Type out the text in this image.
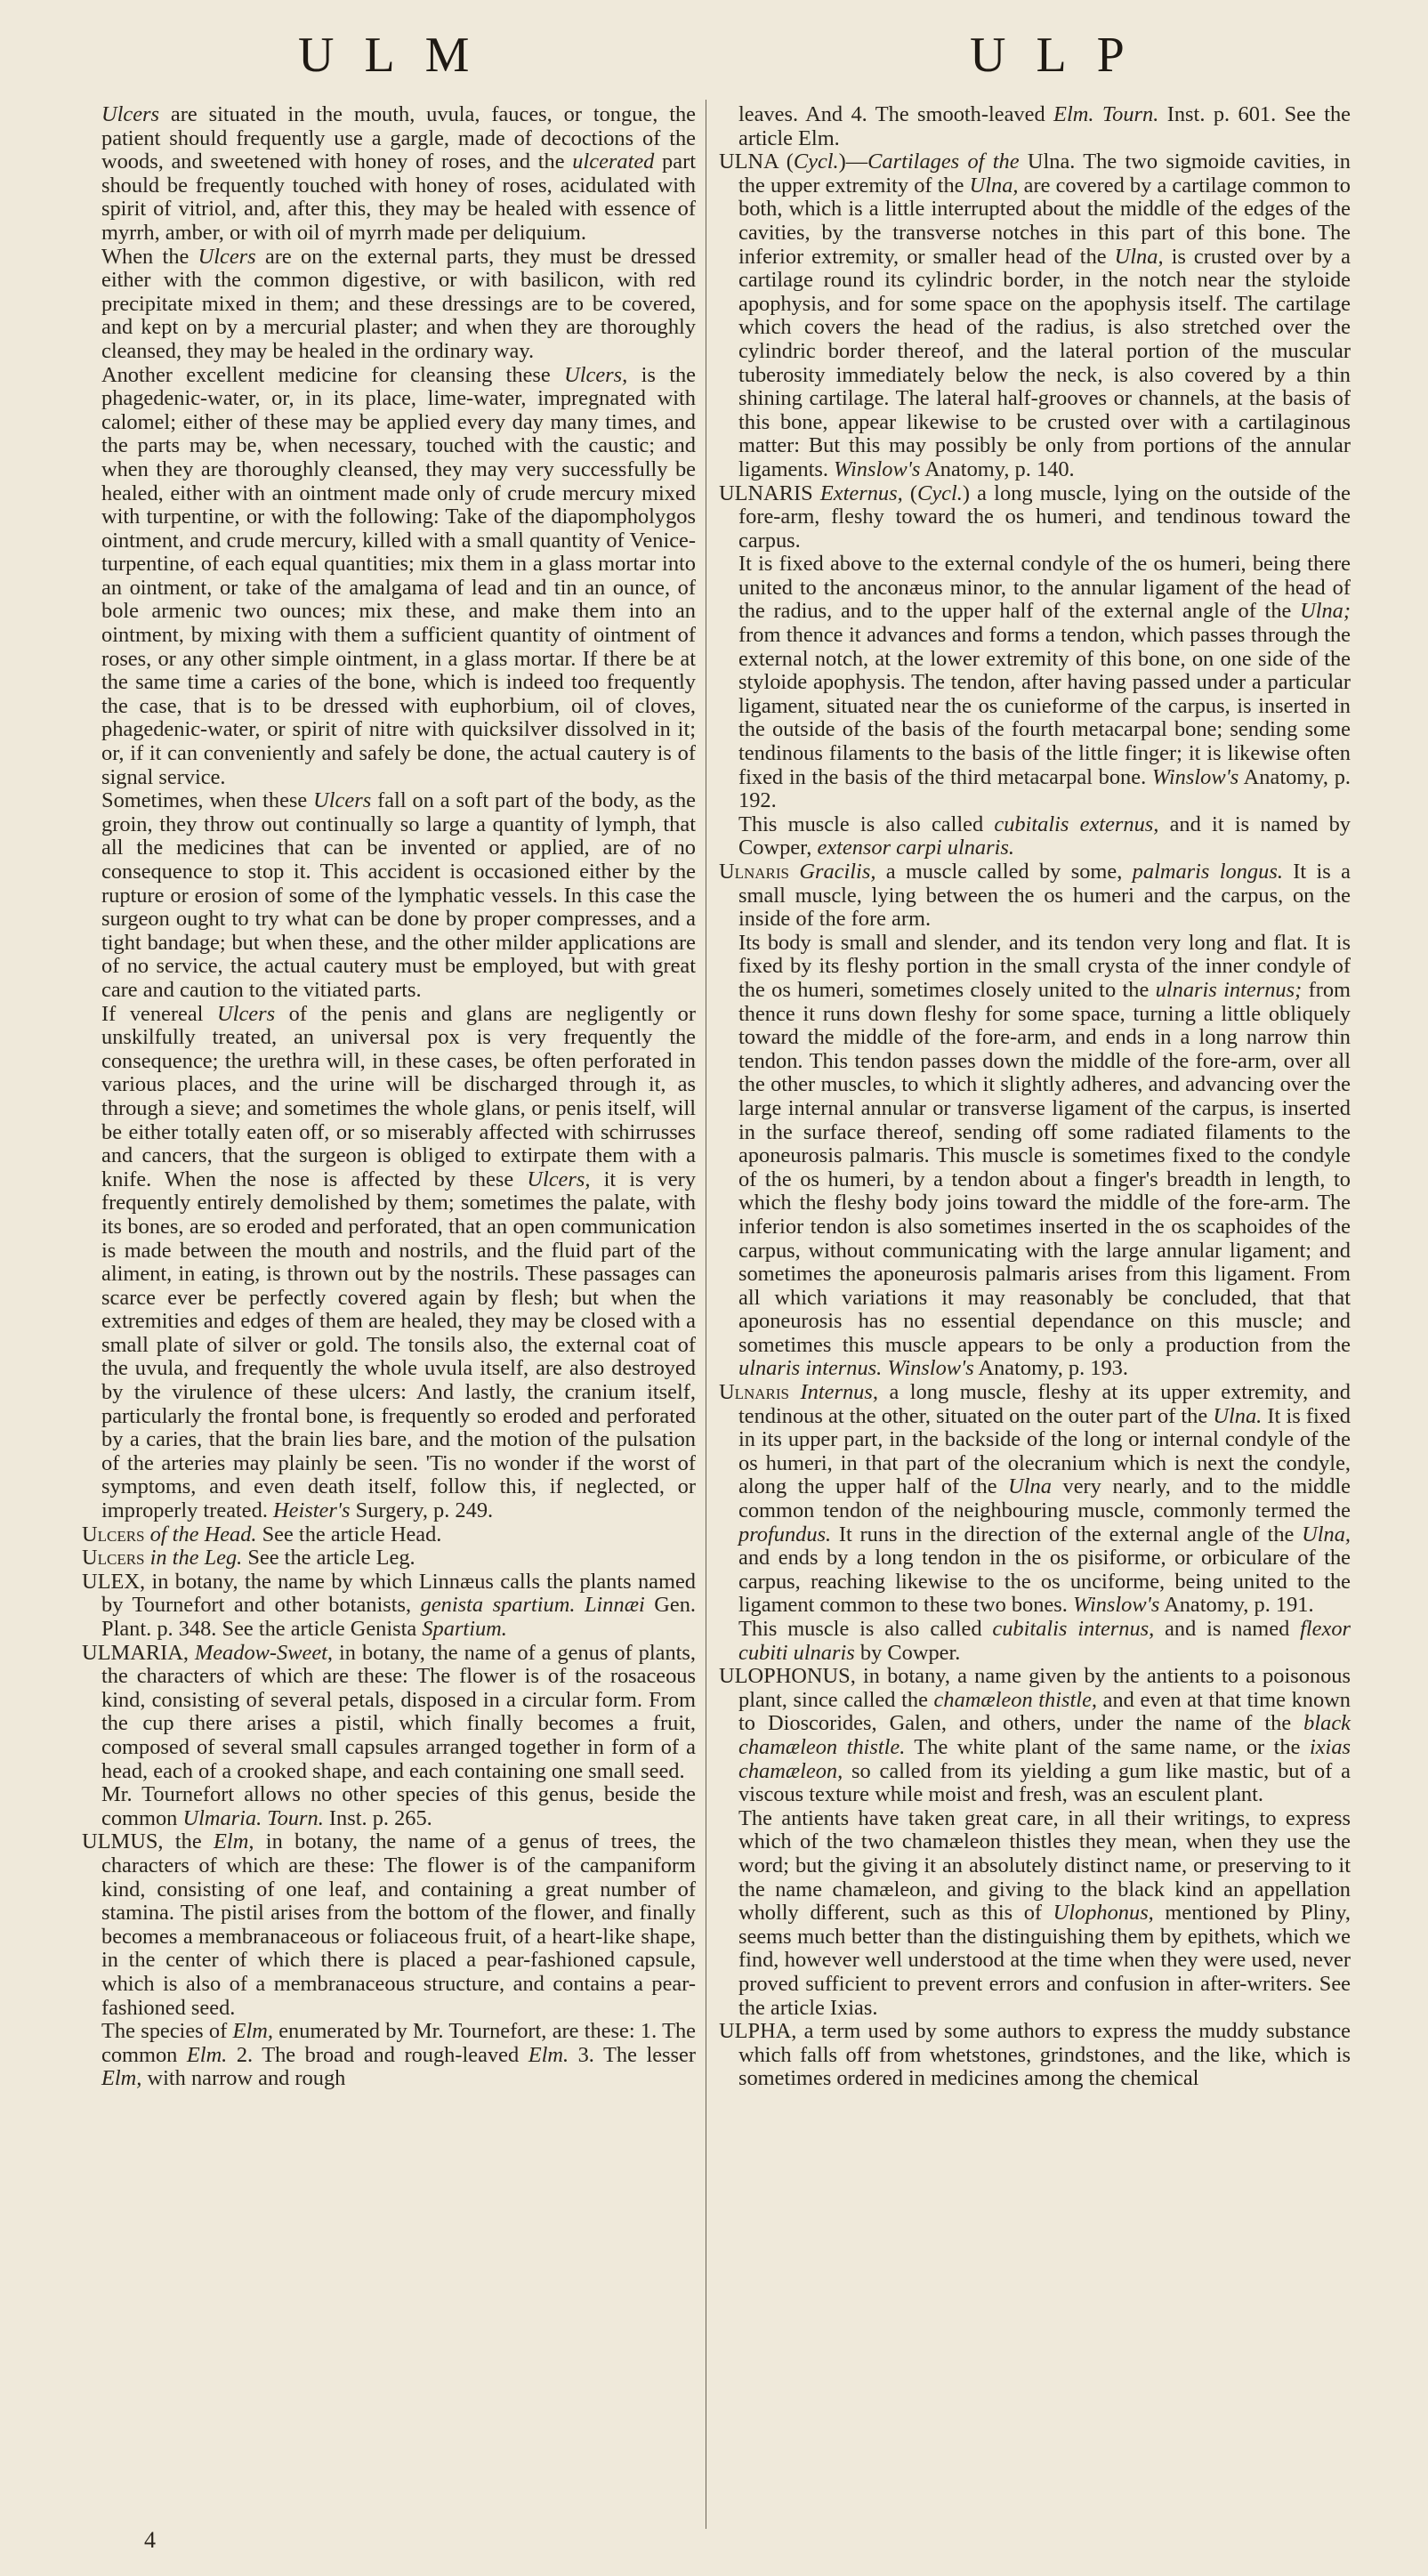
ULM	ULP

Ulcers are situated in the mouth, uvula, fauces, or tongue, the patient should frequently use a gargle, made of decoctions of the woods, and sweetened with honey of roses, and the ulcerated part should be frequently touched with honey of roses, acidulated with spirit of vitriol, and, after this, they may be healed with essence of myrrh, amber, or with oil of myrrh made per deliquium.

When the Ulcers are on the external parts, they must be dressed either with the common digestive, or with basilicon, with red precipitate mixed in them; and these dressings are to be covered, and kept on by a mercurial plaster; and when they are thoroughly cleansed, they may be healed in the ordinary way.

Another excellent medicine for cleansing these Ulcers, is the phagedenic-water, or, in its place, lime-water, impregnated with calomel; either of these may be applied every day many times, and the parts may be, when necessary, touched with the caustic; and when they are thoroughly cleansed, they may very successfully be healed, either with an ointment made only of crude mercury mixed with turpentine, or with the following: Take of the diapompholygos ointment, and crude mercury, killed with a small quantity of Venice-turpentine, of each equal quantities; mix them in a glass mortar into an ointment, or take of the amalgama of lead and tin an ounce, of bole armenic two ounces; mix these, and make them into an ointment, by mixing with them a sufficient quantity of ointment of roses, or any other simple ointment, in a glass mortar. If there be at the same time a caries of the bone, which is indeed too frequently the case, that is to be dressed with euphorbium, oil of cloves, phagedenic-water, or spirit of nitre with quicksilver dissolved in it; or, if it can conveniently and safely be done, the actual cautery is of signal service.

Sometimes, when these Ulcers fall on a soft part of the body, as the groin, they throw out continually so large a quantity of lymph, that all the medicines that can be invented or applied, are of no consequence to stop it. This accident is occasioned either by the rupture or erosion of some of the lymphatic vessels. In this case the surgeon ought to try what can be done by proper compresses, and a tight bandage; but when these, and the other milder applications are of no service, the actual cautery must be employed, but with great care and caution to the vitiated parts.

If venereal Ulcers of the penis and glans are negligently or unskilfully treated, an universal pox is very frequently the consequence; the urethra will, in these cases, be often perforated in various places, and the urine will be discharged through it, as through a sieve; and sometimes the whole glans, or penis itself, will be either totally eaten off, or so miserably affected with schirrusses and cancers, that the surgeon is obliged to extirpate them with a knife. When the nose is affected by these Ulcers, it is very frequently entirely demolished by them; sometimes the palate, with its bones, are so eroded and perforated, that an open communication is made between the mouth and nostrils, and the fluid part of the aliment, in eating, is thrown out by the nostrils. These passages can scarce ever be perfectly covered again by flesh; but when the extremities and edges of them are healed, they may be closed with a small plate of silver or gold. The tonsils also, the external coat of the uvula, and frequently the whole uvula itself, are also destroyed by the virulence of these ulcers: And lastly, the cranium itself, particularly the frontal bone, is frequently so eroded and perforated by a caries, that the brain lies bare, and the motion of the pulsation of the arteries may plainly be seen. 'Tis no wonder if the worst of symptoms, and even death itself, follow this, if neglected, or improperly treated. Heister's Surgery, p. 249.

Ulcers of the Head. See the article Head.

Ulcers in the Leg. See the article Leg.

ULEX, in botany, the name by which Linnæus calls the plants named by Tournefort and other botanists, genista spartium. Linnæi Gen. Plant. p. 348. See the article Genista Spartium.

ULMARIA, Meadow-Sweet, in botany, the name of a genus of plants, the characters of which are these: The flower is of the rosaceous kind, consisting of several petals, disposed in a circular form. From the cup there arises a pistil, which finally becomes a fruit, composed of several small capsules arranged together in form of a head, each of a crooked shape, and each containing one small seed.

Mr. Tournefort allows no other species of this genus, beside the common Ulmaria. Tourn. Inst. p. 265.

ULMUS, the Elm, in botany, the name of a genus of trees, the characters of which are these: The flower is of the campaniform kind, consisting of one leaf, and containing a great number of stamina. The pistil arises from the bottom of the flower, and finally becomes a membranaceous or foliaceous fruit, of a heart-like shape, in the center of which there is placed a pear-fashioned capsule, which is also of a membranaceous structure, and contains a pear-fashioned seed.

The species of Elm, enumerated by Mr. Tournefort, are these: 1. The common Elm. 2. The broad and rough-leaved Elm. 3. The lesser Elm, with narrow and rough

leaves. And 4. The smooth-leaved Elm. Tourn. Inst. p. 601. See the article Elm.

ULNA (Cycl.)—Cartilages of the Ulna. The two sigmoide cavities, in the upper extremity of the Ulna, are covered by a cartilage common to both, which is a little interrupted about the middle of the edges of the cavities, by the transverse notches in this part of this bone. The inferior extremity, or smaller head of the Ulna, is crusted over by a cartilage round its cylindric border, in the notch near the styloide apophysis, and for some space on the apophysis itself. The cartilage which covers the head of the radius, is also stretched over the cylindric border thereof, and the lateral portion of the muscular tuberosity immediately below the neck, is also covered by a thin shining cartilage. The lateral half-grooves or channels, at the basis of this bone, appear likewise to be crusted over with a cartilaginous matter: But this may possibly be only from portions of the annular ligaments. Winslow's Anatomy, p. 140.

ULNARIS Externus, (Cycl.) a long muscle, lying on the outside of the fore-arm, fleshy toward the os humeri, and tendinous toward the carpus.

It is fixed above to the external condyle of the os humeri, being there united to the anconæus minor, to the annular ligament of the head of the radius, and to the upper half of the external angle of the Ulna; from thence it advances and forms a tendon, which passes through the external notch, at the lower extremity of this bone, on one side of the styloide apophysis. The tendon, after having passed under a particular ligament, situated near the os cunieforme of the carpus, is inserted in the outside of the basis of the fourth metacarpal bone; sending some tendinous filaments to the basis of the little finger; it is likewise often fixed in the basis of the third metacarpal bone. Winslow's Anatomy, p. 192.

This muscle is also called cubitalis externus, and it is named by Cowper, extensor carpi ulnaris.

Ulnaris Gracilis, a muscle called by some, palmaris longus. It is a small muscle, lying between the os humeri and the carpus, on the inside of the fore arm.

Its body is small and slender, and its tendon very long and flat. It is fixed by its fleshy portion in the small crysta of the inner condyle of the os humeri, sometimes closely united to the ulnaris internus; from thence it runs down fleshy for some space, turning a little obliquely toward the middle of the fore-arm, and ends in a long narrow thin tendon. This tendon passes down the middle of the fore-arm, over all the other muscles, to which it slightly adheres, and advancing over the large internal annular or transverse ligament of the carpus, is inserted in the surface thereof, sending off some radiated filaments to the aponeurosis palmaris. This muscle is sometimes fixed to the condyle of the os humeri, by a tendon about a finger's breadth in length, to which the fleshy body joins toward the middle of the fore-arm. The inferior tendon is also sometimes inserted in the os scaphoides of the carpus, without communicating with the large annular ligament; and sometimes the aponeurosis palmaris arises from this ligament. From all which variations it may reasonably be concluded, that that aponeurosis has no essential dependance on this muscle; and sometimes this muscle appears to be only a production from the ulnaris internus. Winslow's Anatomy, p. 193.

Ulnaris Internus, a long muscle, fleshy at its upper extremity, and tendinous at the other, situated on the outer part of the Ulna. It is fixed in its upper part, in the backside of the long or internal condyle of the os humeri, in that part of the olecranium which is next the condyle, along the upper half of the Ulna very nearly, and to the middle common tendon of the neighbouring muscle, commonly termed the profundus. It runs in the direction of the external angle of the Ulna, and ends by a long tendon in the os pisiforme, or orbiculare of the carpus, reaching likewise to the os unciforme, being united to the ligament common to these two bones. Winslow's Anatomy, p. 191.

This muscle is also called cubitalis internus, and is named flexor cubiti ulnaris by Cowper.

ULOPHONUS, in botany, a name given by the antients to a poisonous plant, since called the chamæleon thistle, and even at that time known to Dioscorides, Galen, and others, under the name of the black chamæleon thistle. The white plant of the same name, or the ixias chamæleon, so called from its yielding a gum like mastic, but of a viscous texture while moist and fresh, was an esculent plant.

The antients have taken great care, in all their writings, to express which of the two chamæleon thistles they mean, when they use the word; but the giving it an absolutely distinct name, or preserving to it the name chamæleon, and giving to the black kind an appellation wholly different, such as this of Ulophonus, mentioned by Pliny, seems much better than the distinguishing them by epithets, which we find, however well understood at the time when they were used, never proved sufficient to prevent errors and confusion in after-writers. See the article Ixias.

ULPHA, a term used by some authors to express the muddy substance which falls off from whetstones, grindstones, and the like, which is sometimes ordered in medicines among the chemical

4
